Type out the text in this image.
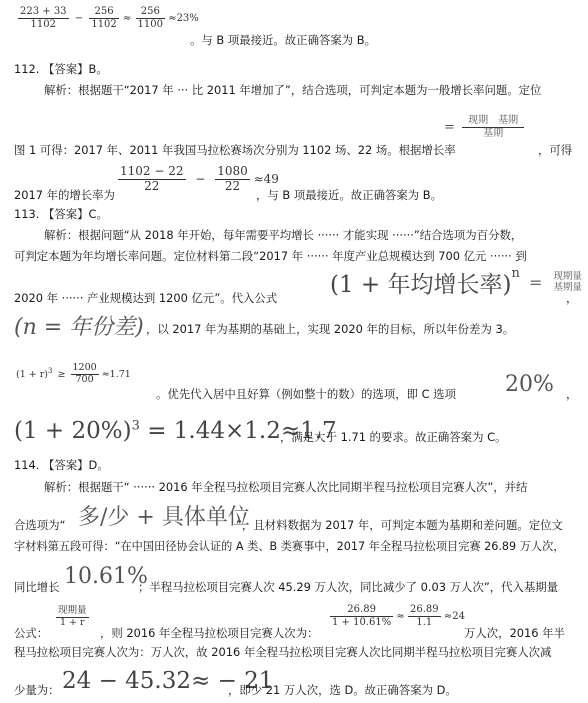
$\frac{223 + 33}{1102} - \frac{256}{1102} \approx \frac{256}{1100} \approx 23\%$
。与 B 项最接近。故正确答案为 B。
112. 【答案】B。
解析：根据题干“2017 年 ··· 比 2011 年增加了”，结合选项，可判定本题为一般增长率问题。定位
图 1 可得：2017 年、2011 年我国马拉松赛场次分别为 1102 场、22 场。根据增长率
= $\frac{\text{现期　基期}}{\text{基期}}$
，可得
2017 年的增长率为
$\frac{1102 - 22}{22} - \frac{1080}{22} \approx 49$
，与 B 项最接近。故正确答案为 B。
113. 【答案】C。
解析：根据问题“从 2018 年开始，每年需要平均增长 ······ 才能实现 ······”结合选项为百分数，
可判定本题为年均增长率问题。定位材料第二段“2017 年 ······ 年度产业总规模达到 700 亿元 ······ 到
2020 年 ······ 产业规模达到 1200 亿元”。代入公式	(1 + 年均增长率)$^n$ = 现期量
基期量
，
(n = 年份差) ，以 2017 年为基期的基础上，实现 2020 年的目标，所以年份差为 3。
$(1 + r)^3 \ge \frac{1200}{700} \approx 1.71$
。优先代入居中且好算（例如整十的数）的选项，即 C 选项	20% ，
$(1 + 20\%)^3 = 1.44\times 1.2\approx 1.7$
，满足大于 1.71 的要求。故正确答案为 C。
114. 【答案】D。
解析：根据题干“ ······ 2016 年全程马拉松项目完赛人次比同期半程马拉松项目完赛人次”，并结
合选项为“ 多/少 + 具体单位
”，且材料数据为 2017 年，可判定本题为基期和差问题。定位文
字材料第五段可得：“在中国田径协会认证的 A 类、B 类赛事中，2017 年全程马拉松项目完赛 26.89 万人次，
同比增长 10.61%
；半程马拉松项目完赛人次 45.29 万人次，同比减少了 0.03 万人次”，代入基期量
公式：
$\frac{\text{现期量}}{1 + r}$
，则 2016 年全程马拉松项目完赛人次为：
$\frac{26.89}{1 + 10.61\%} \approx \frac{26.89}{1.1} \approx 24$
万人次，2016 年半
程马拉松项目完赛人次为：万人次，故 2016 年全程马拉松项目完赛人次比同期半程马拉松项目完赛人次减
少量为： 24 − 45.32≈ − 21
，即少 21 万人次，选 D。故正确答案为 D。
